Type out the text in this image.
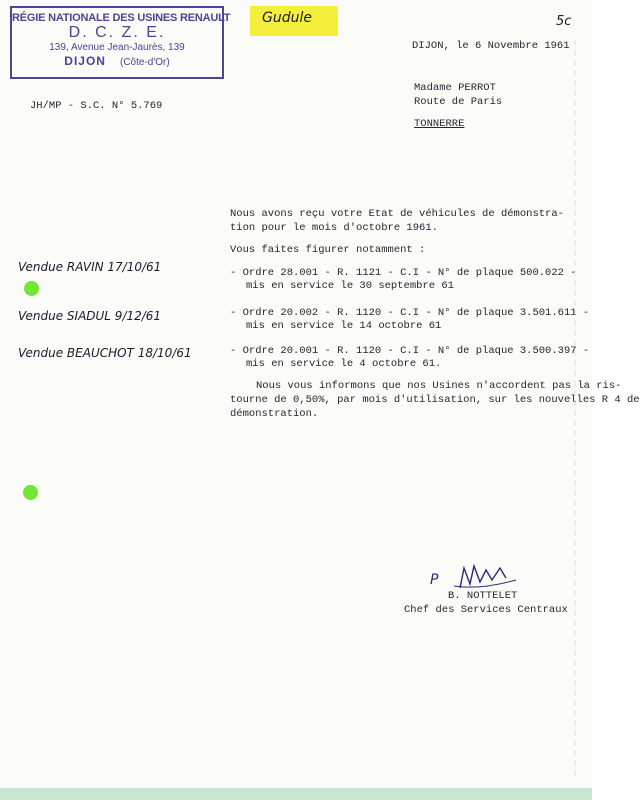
RÉGIE NATIONALE DES USINES RENAULT
D. C. Z. E.
139, Avenue Jean-Jaurès, 139
DIJON (Côte-d'Or)
Gudule	5c
DIJON, le 6 Novembre 1961
Madame PERROT
Route de Paris
TONNERRE
JH/MP - S.C. N° 5.769
Nous avons reçu votre Etat de véhicules de démonstra-
tion pour le mois d'octobre 1961.
Vous faites figurer notamment :
Vendue RAVIN 17/10/61	- Ordre 28.001 - R. 1121 - C.I - N° de plaque 500.022 -
mis en service le 30 septembre 61
Vendue SIADUL 9/12/61	- Ordre 20.002 - R. 1120 - C.I - N° de plaque 3.501.611 -
mis en service le 14 octobre 61
Vendue BEAUCHOT 18/10/61	- Ordre 20.001 - R. 1120 - C.I - N° de plaque 3.500.397 -
mis en service le 4 octobre 61.
Nous vous informons que nos Usines n'accordent pas la ris-
tourne de 0,50%, par mois d'utilisation, sur les nouvelles R 4 de
démonstration.
P
B. NOTTELET
Chef des Services Centraux
